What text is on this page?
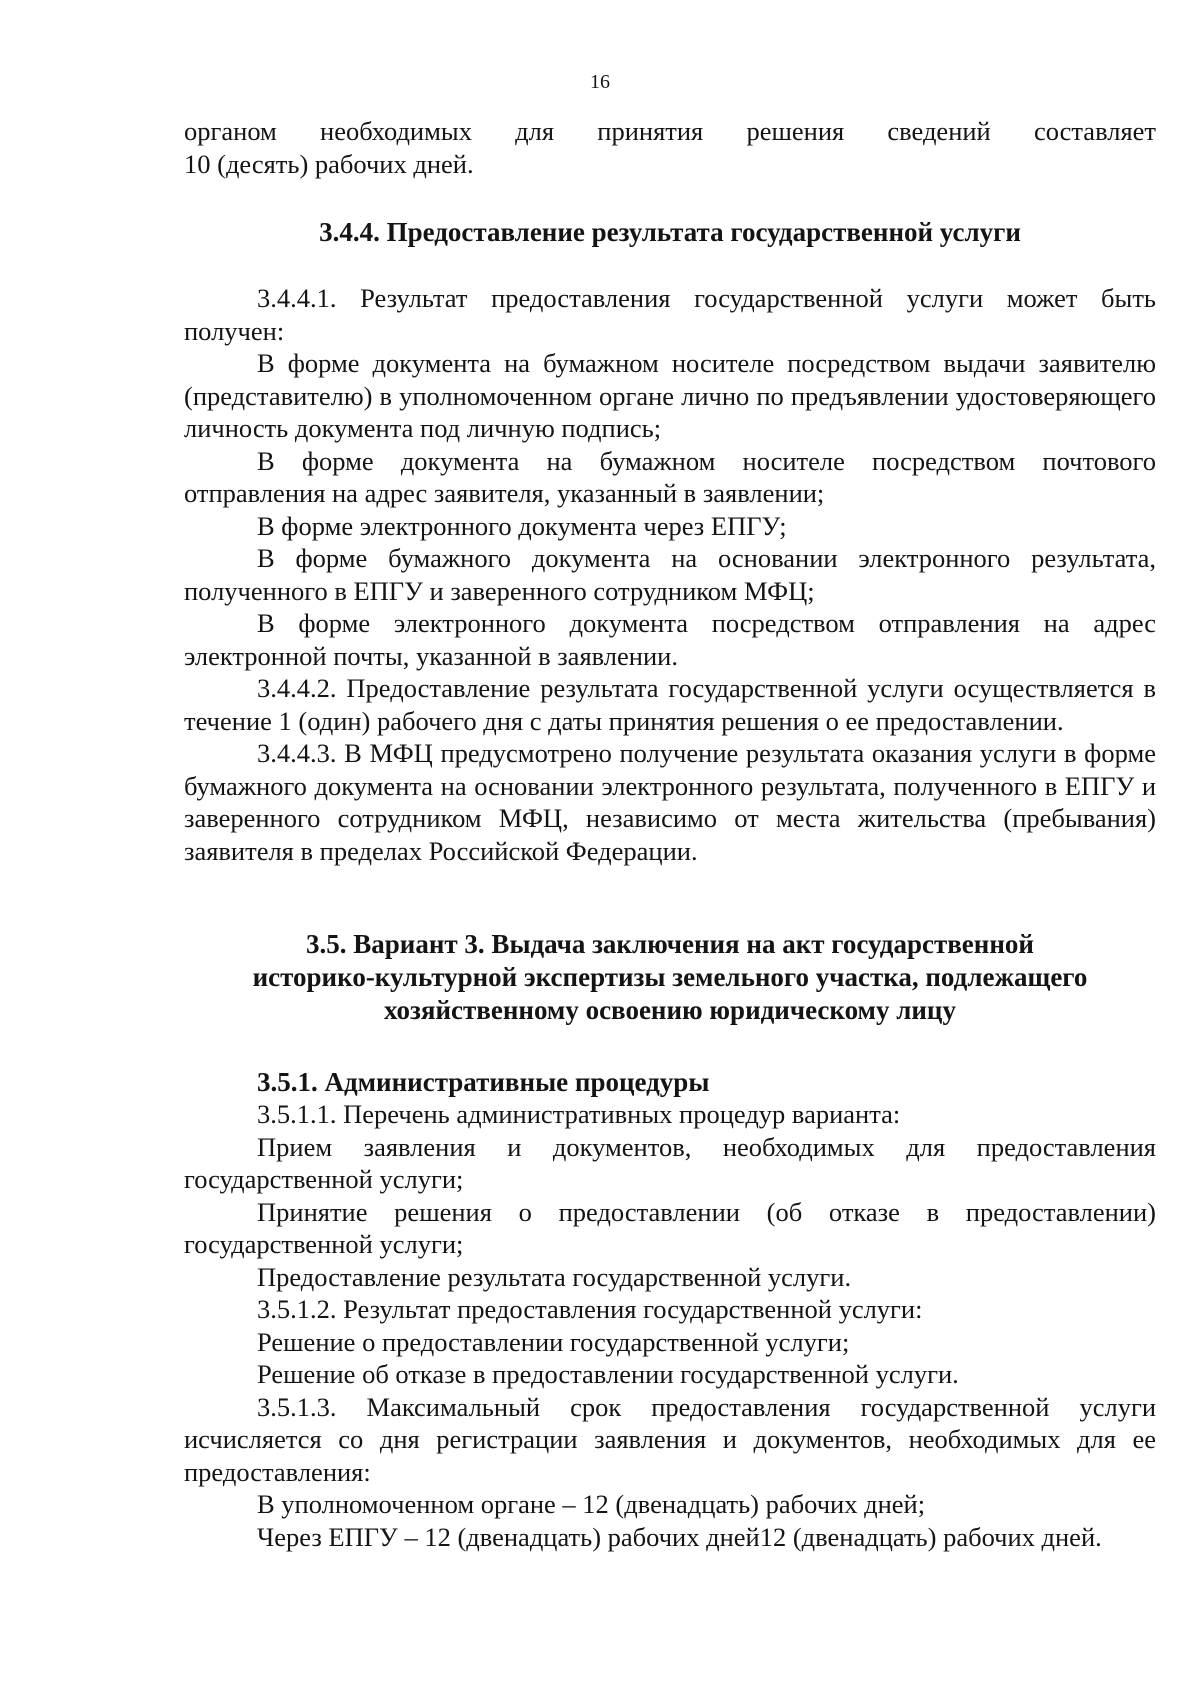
16

органом необходимых для принятия решения сведений составляет

10 (десять) рабочих дней.

3.4.4. Предоставление результата государственной услуги

3.4.4.1. Результат предоставления государственной услуги может быть получен:

В форме документа на бумажном носителе посредством выдачи заявителю (представителю) в уполномоченном органе лично по предъявлении удостоверяющего личность документа под личную подпись;

В форме документа на бумажном носителе посредством почтового отправления на адрес заявителя, указанный в заявлении;

В форме электронного документа через ЕПГУ;

В форме бумажного документа на основании электронного результата, полученного в ЕПГУ и заверенного сотрудником МФЦ;

В форме электронного документа посредством отправления на адрес электронной почты, указанной в заявлении.

3.4.4.2. Предоставление результата государственной услуги осуществляется в течение 1 (один) рабочего дня с даты принятия решения о ее предоставлении.

3.4.4.3. В МФЦ предусмотрено получение результата оказания услуги в форме бумажного документа на основании электронного результата, полученного в ЕПГУ и заверенного сотрудником МФЦ, независимо от места жительства (пребывания) заявителя в пределах Российской Федерации.

3.5. Вариант 3. Выдача заключения на акт государственной
историко-культурной экспертизы земельного участка, подлежащего
хозяйственному освоению юридическому лицу
3.5.1. Административные процедуры

3.5.1.1. Перечень административных процедур варианта:

Прием заявления и документов, необходимых для предоставления государственной услуги;

Принятие решения о предоставлении (об отказе в предоставлении) государственной услуги;

Предоставление результата государственной услуги.

3.5.1.2. Результат предоставления государственной услуги:

Решение о предоставлении государственной услуги;

Решение об отказе в предоставлении государственной услуги.

3.5.1.3. Максимальный срок предоставления государственной услуги исчисляется со дня регистрации заявления и документов, необходимых для ее предоставления:

В уполномоченном органе – 12 (двенадцать) рабочих дней;

Через ЕПГУ – 12 (двенадцать) рабочих дней12 (двенадцать) рабочих дней.
